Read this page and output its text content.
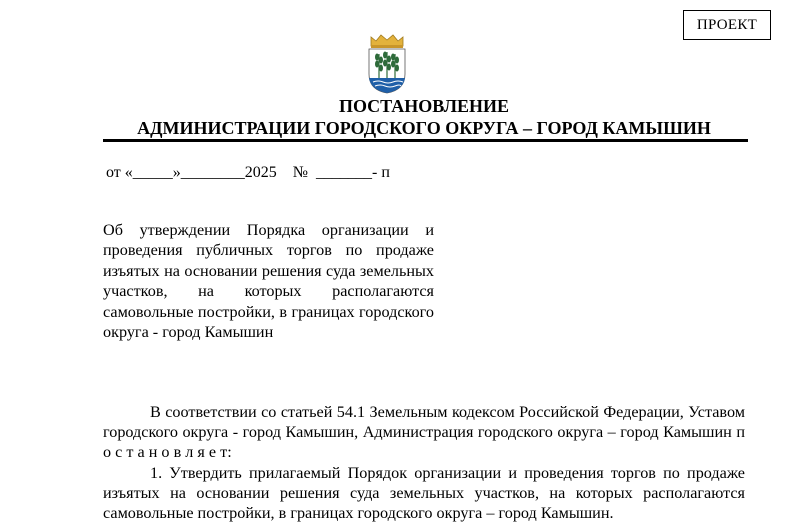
ПРОЕКТ
ПОСТАНОВЛЕНИЕ
АДМИНИСТРАЦИИ ГОРОДСКОГО ОКРУГА – ГОРОД КАМЫШИН
от «_____»________2025    №  _______- п
Об утверждении Порядка организации и проведения публичных торгов по продаже изъятых на основании решения суда земельных участков, на которых располагаются самовольные постройки, в границах городского округа - город Камышин

В соответствии со статьей 54.1 Земельным кодексом Российской Федерации, Уставом городского округа - город Камышин, Администрация городского округа – город Камышин п о с т а н о в л я е т:

1. Утвердить прилагаемый Порядок организации и проведения торгов по продаже изъятых на основании решения суда земельных участков, на которых располагаются самовольные постройки, в границах городского округа – город Камышин.
